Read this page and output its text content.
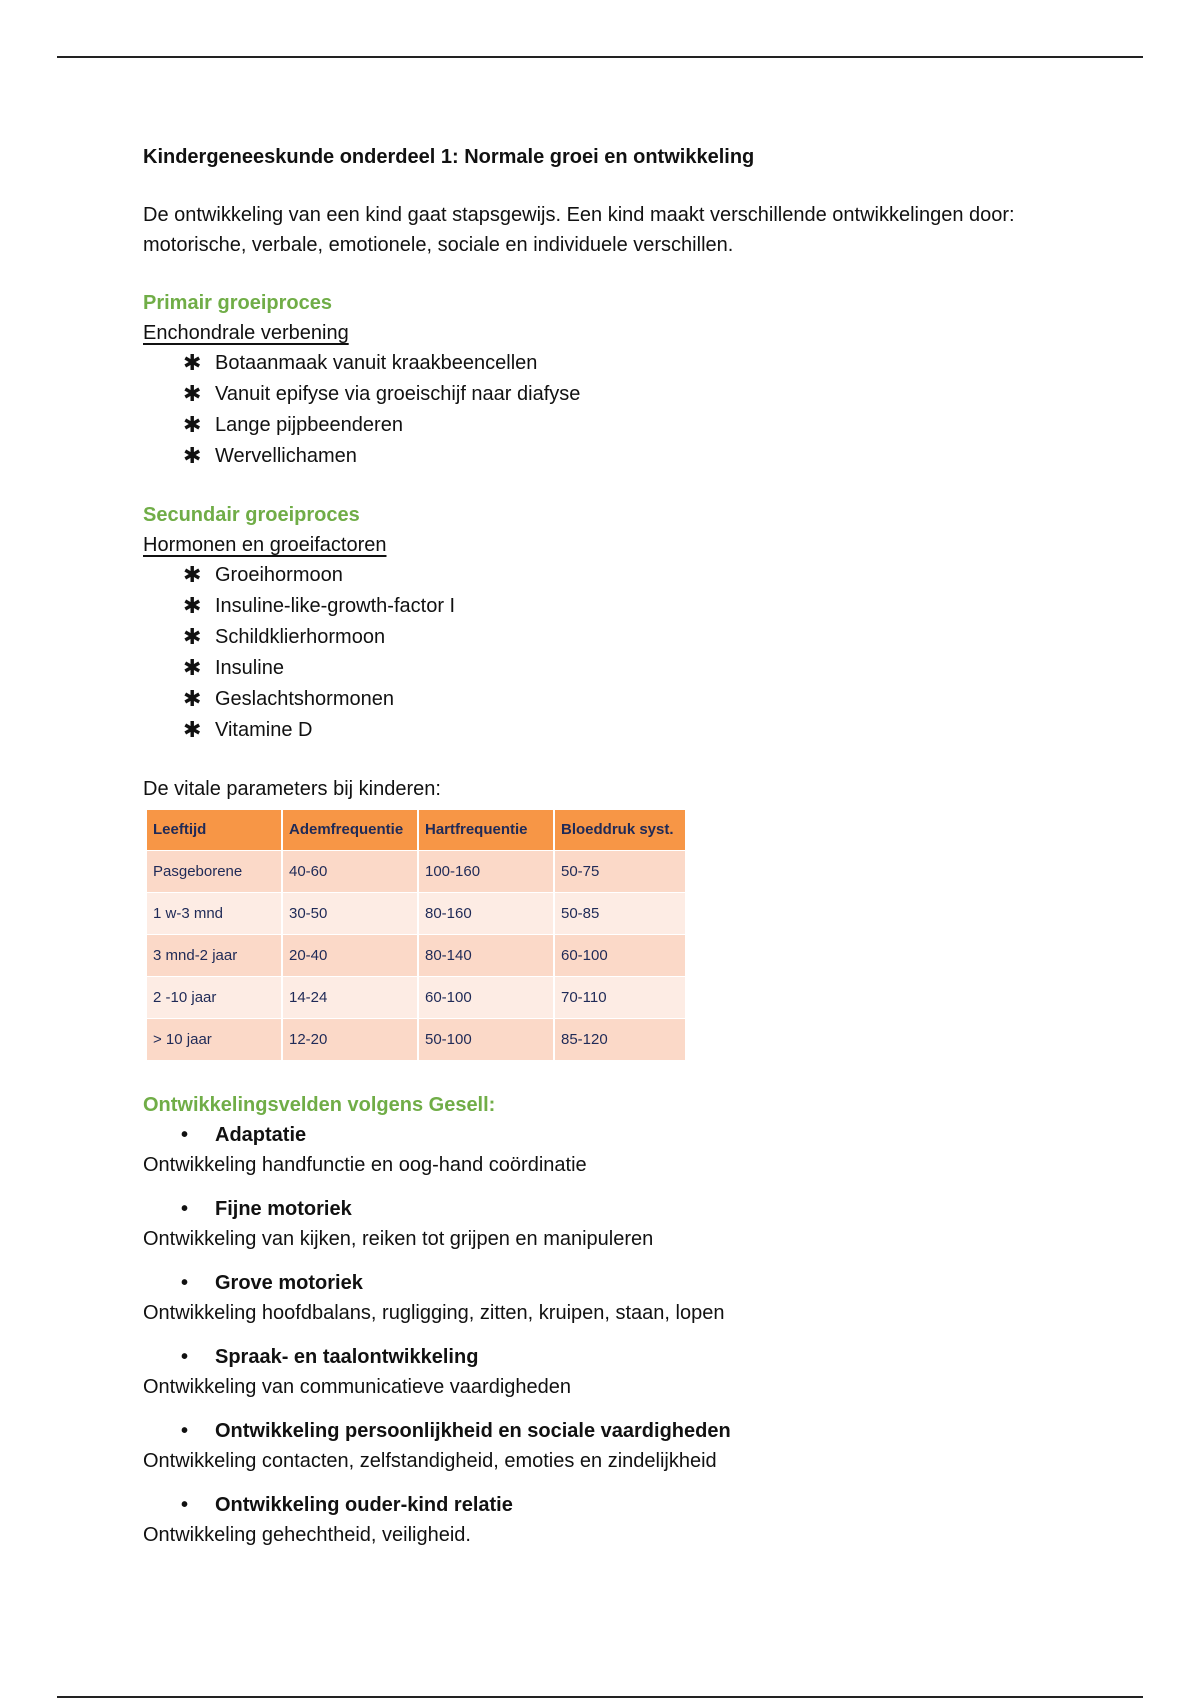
Kindergeneeskunde onderdeel 1: Normale groei en ontwikkeling

De ontwikkeling van een kind gaat stapsgewijs. Een kind maakt verschillende ontwikkelingen door: motorische, verbale, emotionele, sociale en individuele verschillen.

Primair groeiproces
Enchondrale verbening
✱ Botaanmaak vanuit kraakbeencellen
✱ Vanuit epifyse via groeischijf naar diafyse
✱ Lange pijpbeenderen
✱ Wervellichamen
Secundair groeiproces
Hormonen en groeifactoren
✱ Groeihormoon
✱ Insuline-like-growth-factor I
✱ Schildklierhormoon
✱ Insuline
✱ Geslachtshormonen
✱ Vitamine D

De vitale parameters bij kinderen:

Leeftijd	Ademfrequentie	Hartfrequentie	Bloeddruk syst.
Pasgeborene	40-60	100-160	50-75
1 w-3 mnd	30-50	80-160	50-85
3 mnd-2 jaar	20-40	80-140	60-100
2 -10 jaar	14-24	60-100	70-110
> 10 jaar	12-20	50-100	85-120
Ontwikkelingsvelden volgens Gesell:
• Adaptatie
Ontwikkeling handfunctie en oog-hand coördinatie
• Fijne motoriek
Ontwikkeling van kijken, reiken tot grijpen en manipuleren
• Grove motoriek
Ontwikkeling hoofdbalans, rugligging, zitten, kruipen, staan, lopen
• Spraak- en taalontwikkeling
Ontwikkeling van communicatieve vaardigheden
• Ontwikkeling persoonlijkheid en sociale vaardigheden
Ontwikkeling contacten, zelfstandigheid, emoties en zindelijkheid
• Ontwikkeling ouder-kind relatie
Ontwikkeling gehechtheid, veiligheid.
